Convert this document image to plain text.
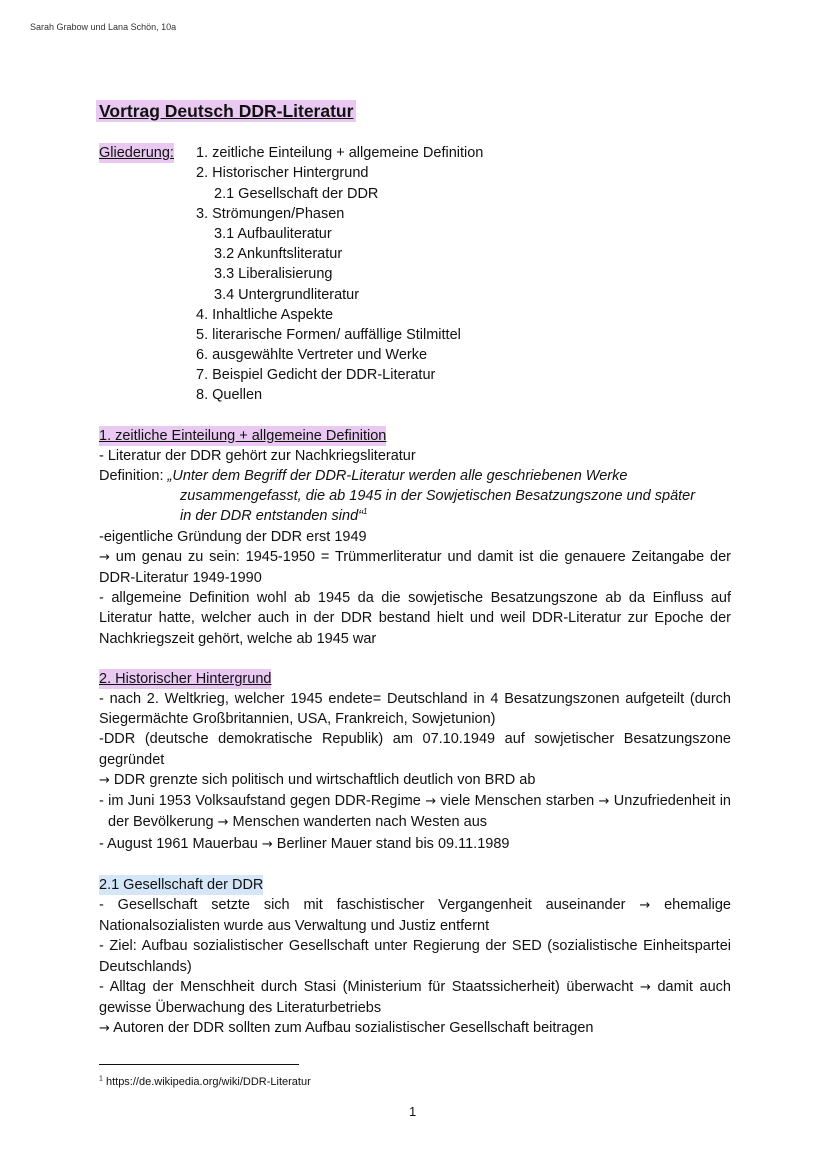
Sarah Grabow und Lana Schön, 10a
Vortrag Deutsch DDR-Literatur
Gliederung: 1. zeitliche Einteilung + allgemeine Definition
2. Historischer Hintergrund
2.1 Gesellschaft der DDR
3. Strömungen/Phasen
3.1 Aufbauliteratur
3.2 Ankunftsliteratur
3.3 Liberalisierung
3.4 Untergrundliteratur
4. Inhaltliche Aspekte
5. literarische Formen/ auffällige Stilmittel
6. ausgewählte Vertreter und Werke
7. Beispiel Gedicht der DDR-Literatur
8. Quellen
1. zeitliche Einteilung + allgemeine Definition
- Literatur der DDR gehört zur Nachkriegsliteratur
Definition: „Unter dem Begriff der DDR-Literatur werden alle geschriebenen Werke
zusammengefasst, die ab 1945 in der Sowjetischen Besatzungszone und später
in der DDR entstanden sind“$^1$
-eigentliche Gründung der DDR erst 1949
→ um genau zu sein: 1945-1950 = Trümmerliteratur und damit ist die genauere Zeitangabe der DDR-Literatur 1949-1990
- allgemeine Definition wohl ab 1945 da die sowjetische Besatzungszone ab da Einfluss auf Literatur hatte, welcher auch in der DDR bestand hielt und weil DDR-Literatur zur Epoche der Nachkriegszeit gehört, welche ab 1945 war
2. Historischer Hintergrund
- nach 2. Weltkrieg, welcher 1945 endete= Deutschland in 4 Besatzungszonen aufgeteilt (durch Siegermächte Großbritannien, USA, Frankreich, Sowjetunion)
-DDR (deutsche demokratische Republik) am 07.10.1949 auf sowjetischer Besatzungszone gegründet
→ DDR grenzte sich politisch und wirtschaftlich deutlich von BRD ab
- im Juni 1953 Volksaufstand gegen DDR-Regime → viele Menschen starben → Unzufriedenheit in der Bevölkerung → Menschen wanderten nach Westen aus
- August 1961 Mauerbau → Berliner Mauer stand bis 09.11.1989
2.1 Gesellschaft der DDR
- Gesellschaft setzte sich mit faschistischer Vergangenheit auseinander → ehemalige Nationalsozialisten wurde aus Verwaltung und Justiz entfernt
- Ziel: Aufbau sozialistischer Gesellschaft unter Regierung der SED (sozialistische Einheitspartei Deutschlands)
- Alltag der Menschheit durch Stasi (Ministerium für Staatssicherheit) überwacht → damit auch gewisse Überwachung des Literaturbetriebs
→ Autoren der DDR sollten zum Aufbau sozialistischer Gesellschaft beitragen
$^1$ https://de.wikipedia.org/wiki/DDR-Literatur
1
